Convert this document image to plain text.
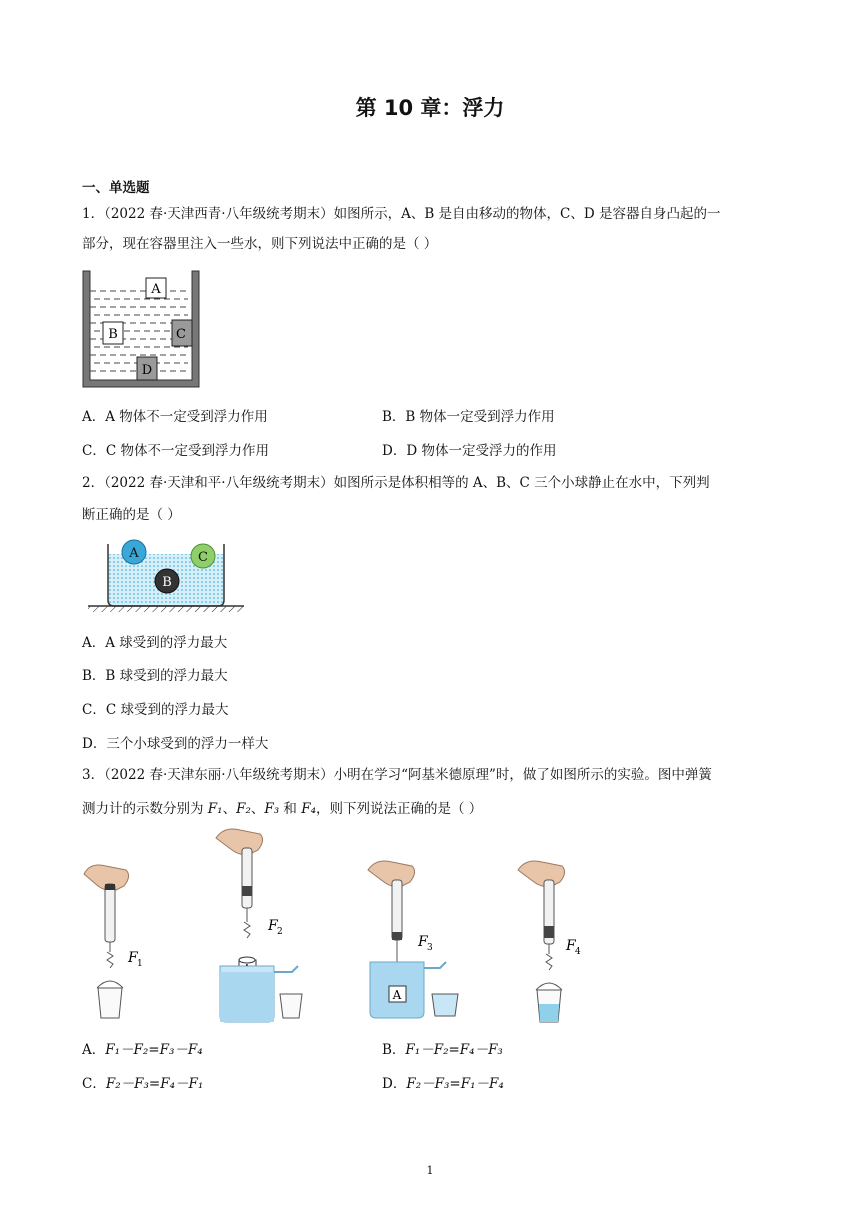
第 10 章：浮力
一、单选题
1．（2022 春·天津西青·八年级统考期末）如图所示，A、B 是自由移动的物体，C、D 是容器自身凸起的一
部分，现在容器里注入一些水，则下列说法中正确的是（ ）
A
B	C
D
A．A 物体不一定受到浮力作用	B．B 物体一定受到浮力作用
C．C 物体不一定受到浮力作用	D．D 物体一定受浮力的作用
2．（2022 春·天津和平·八年级统考期末）如图所示是体积相等的 A、B、C 三个小球静止在水中，下列判
断正确的是（ ）
A
B
C
A．A 球受到的浮力最大
B．B 球受到的浮力最大
C．C 球受到的浮力最大
D．三个小球受到的浮力一样大
3．（2022 春·天津东丽·八年级统考期末）小明在学习“阿基米德原理”时，做了如图所示的实验。图中弹簧
测力计的示数分别为 F₁、F₂、F₃ 和 F₄，则下列说法正确的是（ ）
F 1
F 2
A
F 3	F 4
A．F₁－F₂=F₃－F₄	B．F₁－F₂=F₄－F₃
C．F₂－F₃=F₄－F₁	D．F₂－F₃=F₁－F₄
1
